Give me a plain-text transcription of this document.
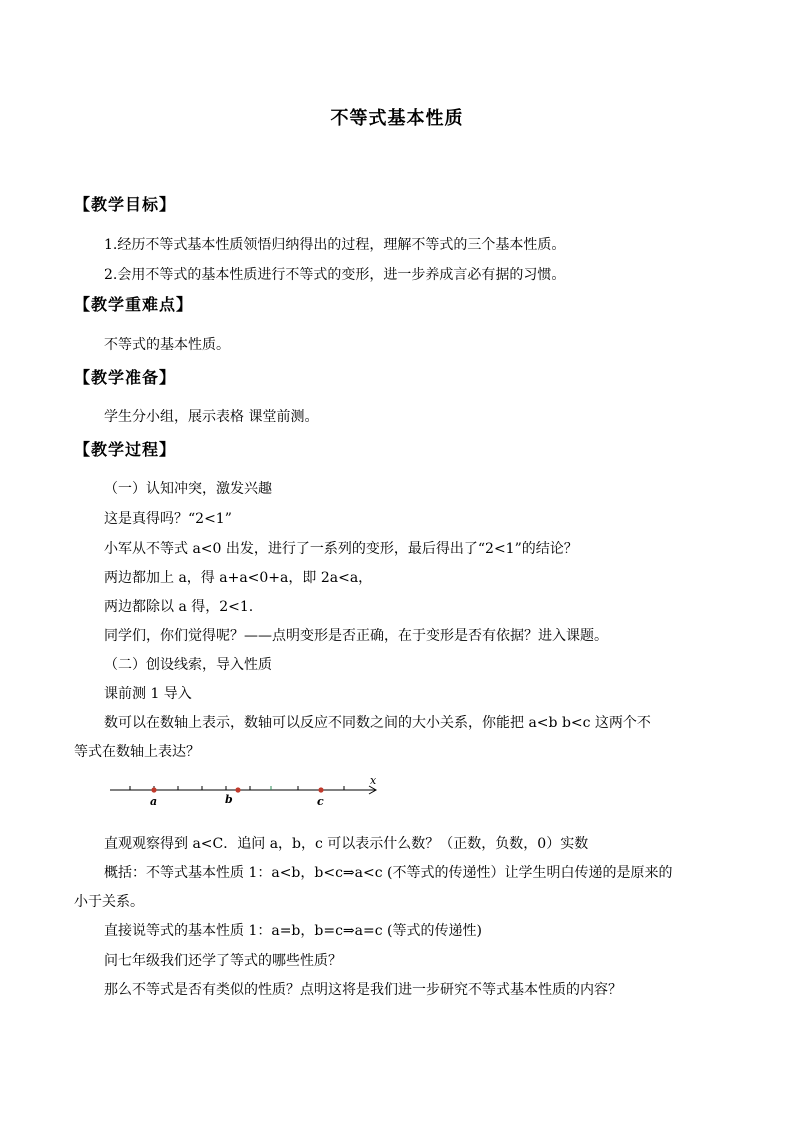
不等式基本性质
【教学目标】
1.经历不等式基本性质领悟归纳得出的过程，理解不等式的三个基本性质。
2.会用不等式的基本性质进行不等式的变形，进一步养成言必有据的习惯。
【教学重难点】
不等式的基本性质。
【教学准备】
学生分小组，展示表格 课堂前测。
【教学过程】
（一）认知冲突，激发兴趣
这是真得吗？“2<1”
小军从不等式 a<0 出发，进行了一系列的变形，最后得出了“2<1”的结论？
两边都加上 a，得 a+a<0+a，即 2a<a，
两边都除以 a 得，2<1.
同学们，你们觉得呢？——点明变形是否正确，在于变形是否有依据？进入课题。
（二）创设线索，导入性质
课前测 1 导入
数可以在数轴上表示，数轴可以反应不同数之间的大小关系，你能把 a<b b<c 这两个不
等式在数轴上表达？
a	b	c
x
直观观察得到 a<C．追问 a，b，c 可以表示什么数？（正数，负数，0）实数
概括：不等式基本性质 1：a<b，b<c⇒a<c (不等式的传递性）让学生明白传递的是原来的
小于关系。
直接说等式的基本性质 1：a=b，b=c⇒a=c (等式的传递性)
问七年级我们还学了等式的哪些性质？
那么不等式是否有类似的性质？点明这将是我们进一步研究不等式基本性质的内容？
